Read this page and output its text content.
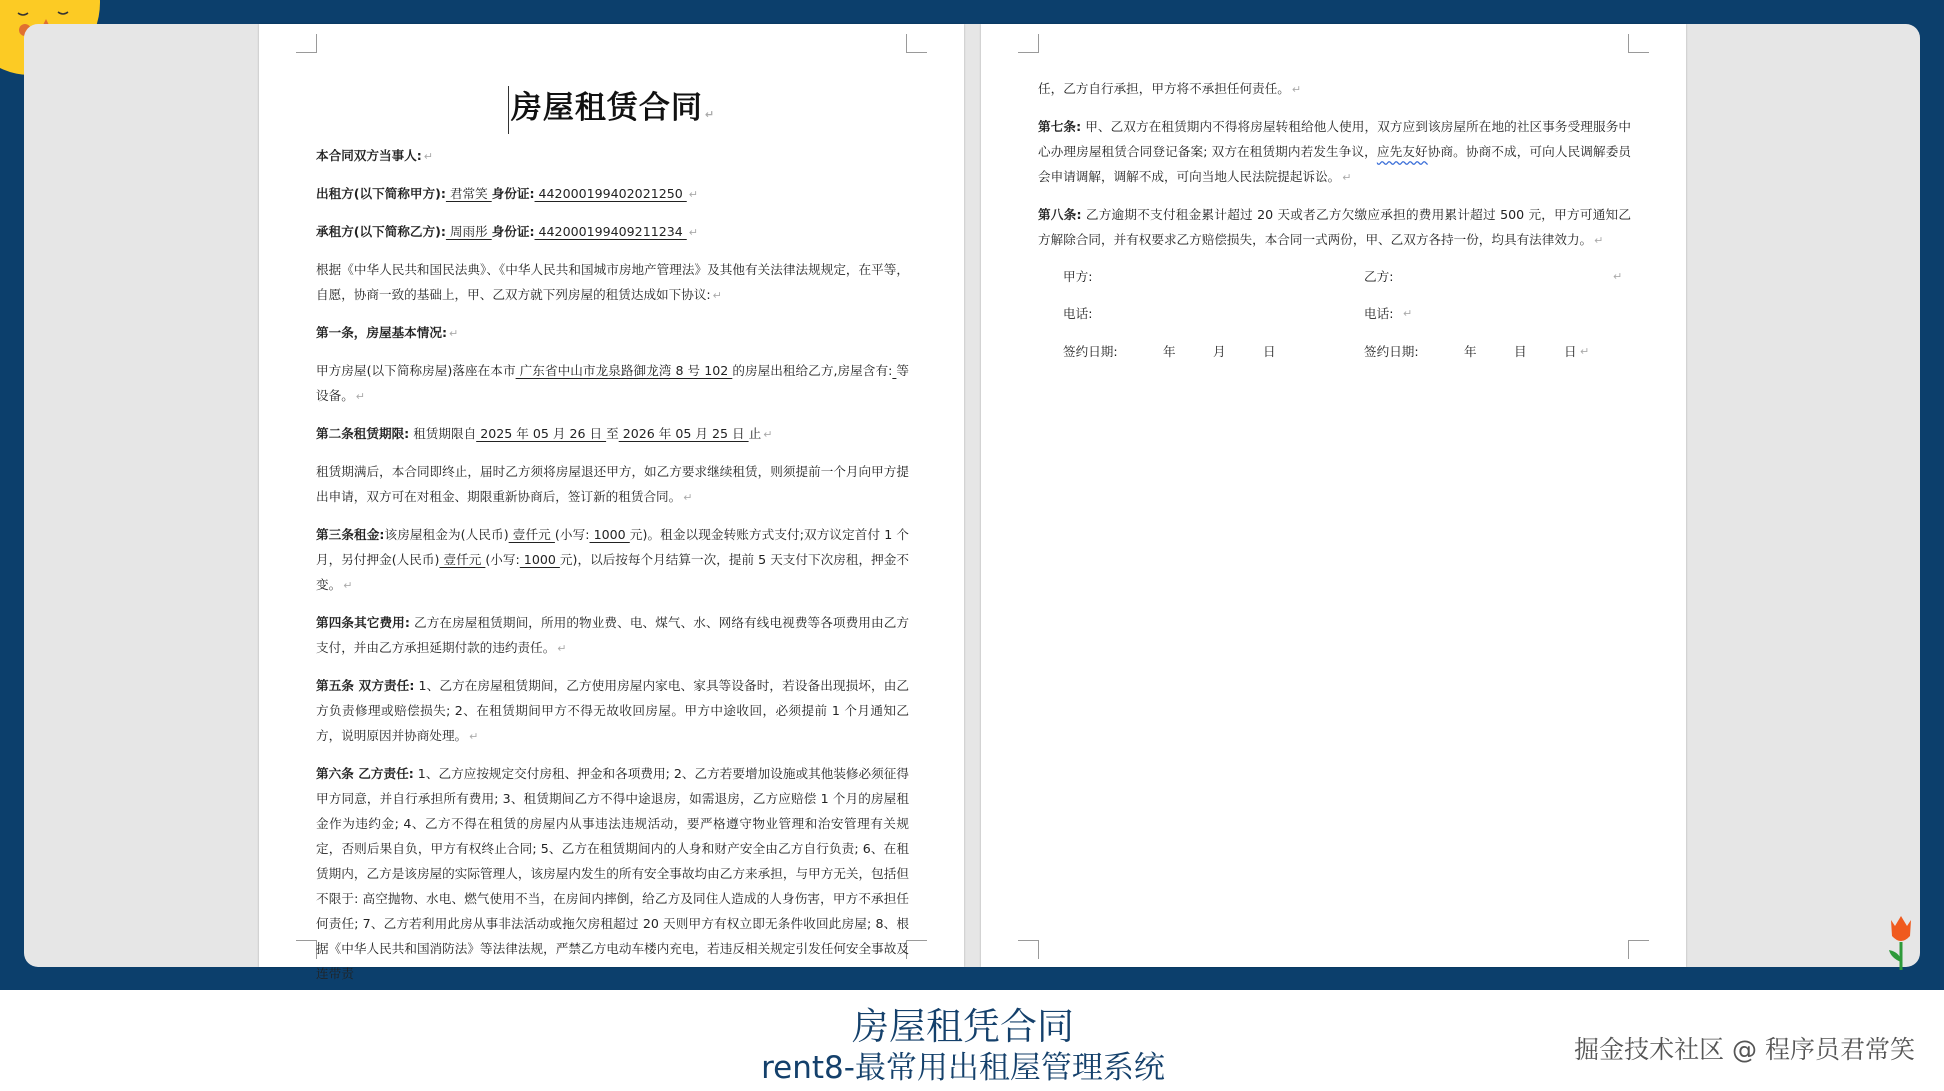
房屋租赁合同 ↵

本合同双方当事人: ↵

出租方(以下简称甲方): 君常笑 身份证: 442000199402021250 ↵

承租方(以下简称乙方): 周雨彤 身份证: 442000199409211234 ↵

根据《中华人民共和国民法典》、《中华人民共和国城市房地产管理法》及其他有关法律法规规定，在平等，自愿，协商一致的基础上，甲、乙双方就下列房屋的租赁达成如下协议: ↵

第一条，房屋基本情况: ↵

甲方房屋(以下简称房屋)落座在本市 广东省中山市龙泉路御龙湾 8 号 102 的房屋出租给乙方,房屋含有: 等设备。 ↵

第二条租赁期限: 租赁期限自 2025 年 05 月 26 日 至 2026 年 05 月 25 日 止 ↵

租赁期满后，本合同即终止，届时乙方须将房屋退还甲方，如乙方要求继续租赁，则须提前一个月向甲方提出申请，双方可在对租金、期限重新协商后，签订新的租赁合同。 ↵

第三条租金:该房屋租金为(人民币) 壹仟元 (小写: 1000 元)。租金以现金转账方式支付;双方议定首付 1 个月，另付押金(人民币) 壹仟元 (小写: 1000 元)，以后按每个月结算一次，提前 5 天支付下次房租，押金不变。 ↵

第四条其它费用: 乙方在房屋租赁期间，所用的物业费、电、煤气、水、网络有线电视费等各项费用由乙方支付，并由乙方承担延期付款的违约责任。 ↵

第五条 双方责任: 1、乙方在房屋租赁期间，乙方使用房屋内家电、家具等设备时，若设备出现损坏，由乙方负责修理或赔偿损失; 2、在租赁期间甲方不得无故收回房屋。甲方中途收回，必须提前 1 个月通知乙方，说明原因并协商处理。 ↵

第六条 乙方责任: 1、乙方应按规定交付房租、押金和各项费用; 2、乙方若要增加设施或其他装修必须征得甲方同意，并自行承担所有费用; 3、租赁期间乙方不得中途退房，如需退房，乙方应赔偿 1 个月的房屋租金作为违约金; 4、乙方不得在租赁的房屋内从事违法违规活动，要严格遵守物业管理和治安管理有关规定，否则后果自负，甲方有权终止合同; 5、乙方在租赁期间内的人身和财产安全由乙方自行负责; 6、在租赁期内，乙方是该房屋的实际管理人，该房屋内发生的所有安全事故均由乙方来承担，与甲方无关，包括但不限于: 高空抛物、水电、燃气使用不当，在房间内摔倒，给乙方及同住人造成的人身伤害，甲方不承担任何责任; 7、乙方若利用此房从事非法活动或拖欠房租超过 20 天则甲方有权立即无条件收回此房屋; 8、根据《中华人民共和国消防法》等法律法规，严禁乙方电动车楼内充电，若违反相关规定引发任何安全事故及连带责

任，乙方自行承担，甲方将不承担任何责任。 ↵

第七条: 甲、乙双方在租赁期内不得将房屋转租给他人使用，双方应到该房屋所在地的社区事务受理服务中心办理房屋租赁合同登记备案; 双方在租赁期内若发生争议，应先友好协商。协商不成，可向人民调解委员会申请调解，调解不成，可向当地人民法院提起诉讼。 ↵

第八条: 乙方逾期不支付租金累计超过 20 天或者乙方欠缴应承担的费用累计超过 500 元，甲方可通知乙方解除合同，并有权要求乙方赔偿损失，本合同一式两份，甲、乙双方各持一份，均具有法律效力。 ↵

甲方:	乙方:	↵
电话:	电话: ↵
签约日期:	年	月	日	签约日期:	年	目	日 ↵
房屋租凭合同
rent8-最常用出租屋管理系统
掘金技术社区 @ 程序员君常笑
